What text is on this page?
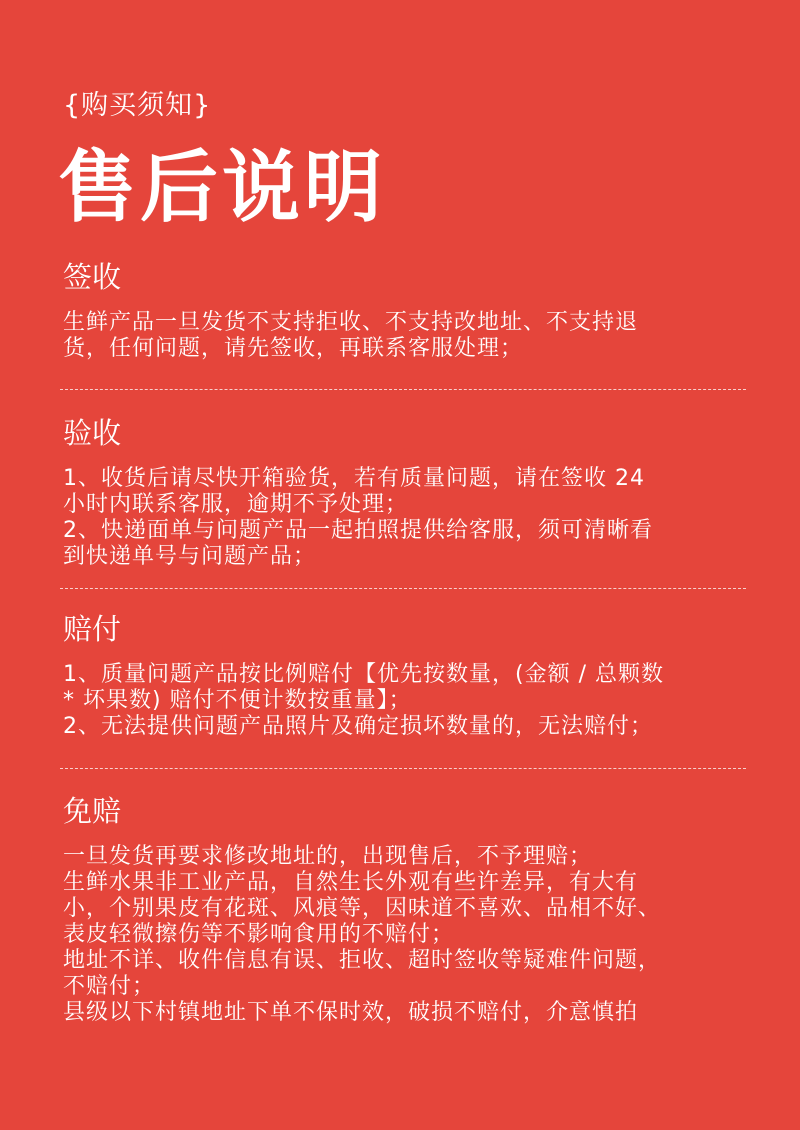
{购买须知}
售后说明
签收
生鲜产品一旦发货不支持拒收、不支持改地址、不支持退
货，任何问题，请先签收，再联系客服处理；
验收
1、收货后请尽快开箱验货，若有质量问题，请在签收 24
小时内联系客服，逾期不予处理；
2、快递面单与问题产品一起拍照提供给客服，须可清晰看
到快递单号与问题产品；
赔付
1、质量问题产品按比例赔付【优先按数量，(金额 / 总颗数
* 坏果数) 赔付不便计数按重量】；
2、无法提供问题产品照片及确定损坏数量的，无法赔付；
免赔
一旦发货再要求修改地址的，出现售后，不予理赔；
生鲜水果非工业产品，自然生长外观有些许差异，有大有
小，个别果皮有花斑、风痕等，因味道不喜欢、品相不好、
表皮轻微擦伤等不影响食用的不赔付；
地址不详、收件信息有误、拒收、超时签收等疑难件问题，
不赔付；
县级以下村镇地址下单不保时效，破损不赔付，介意慎拍
